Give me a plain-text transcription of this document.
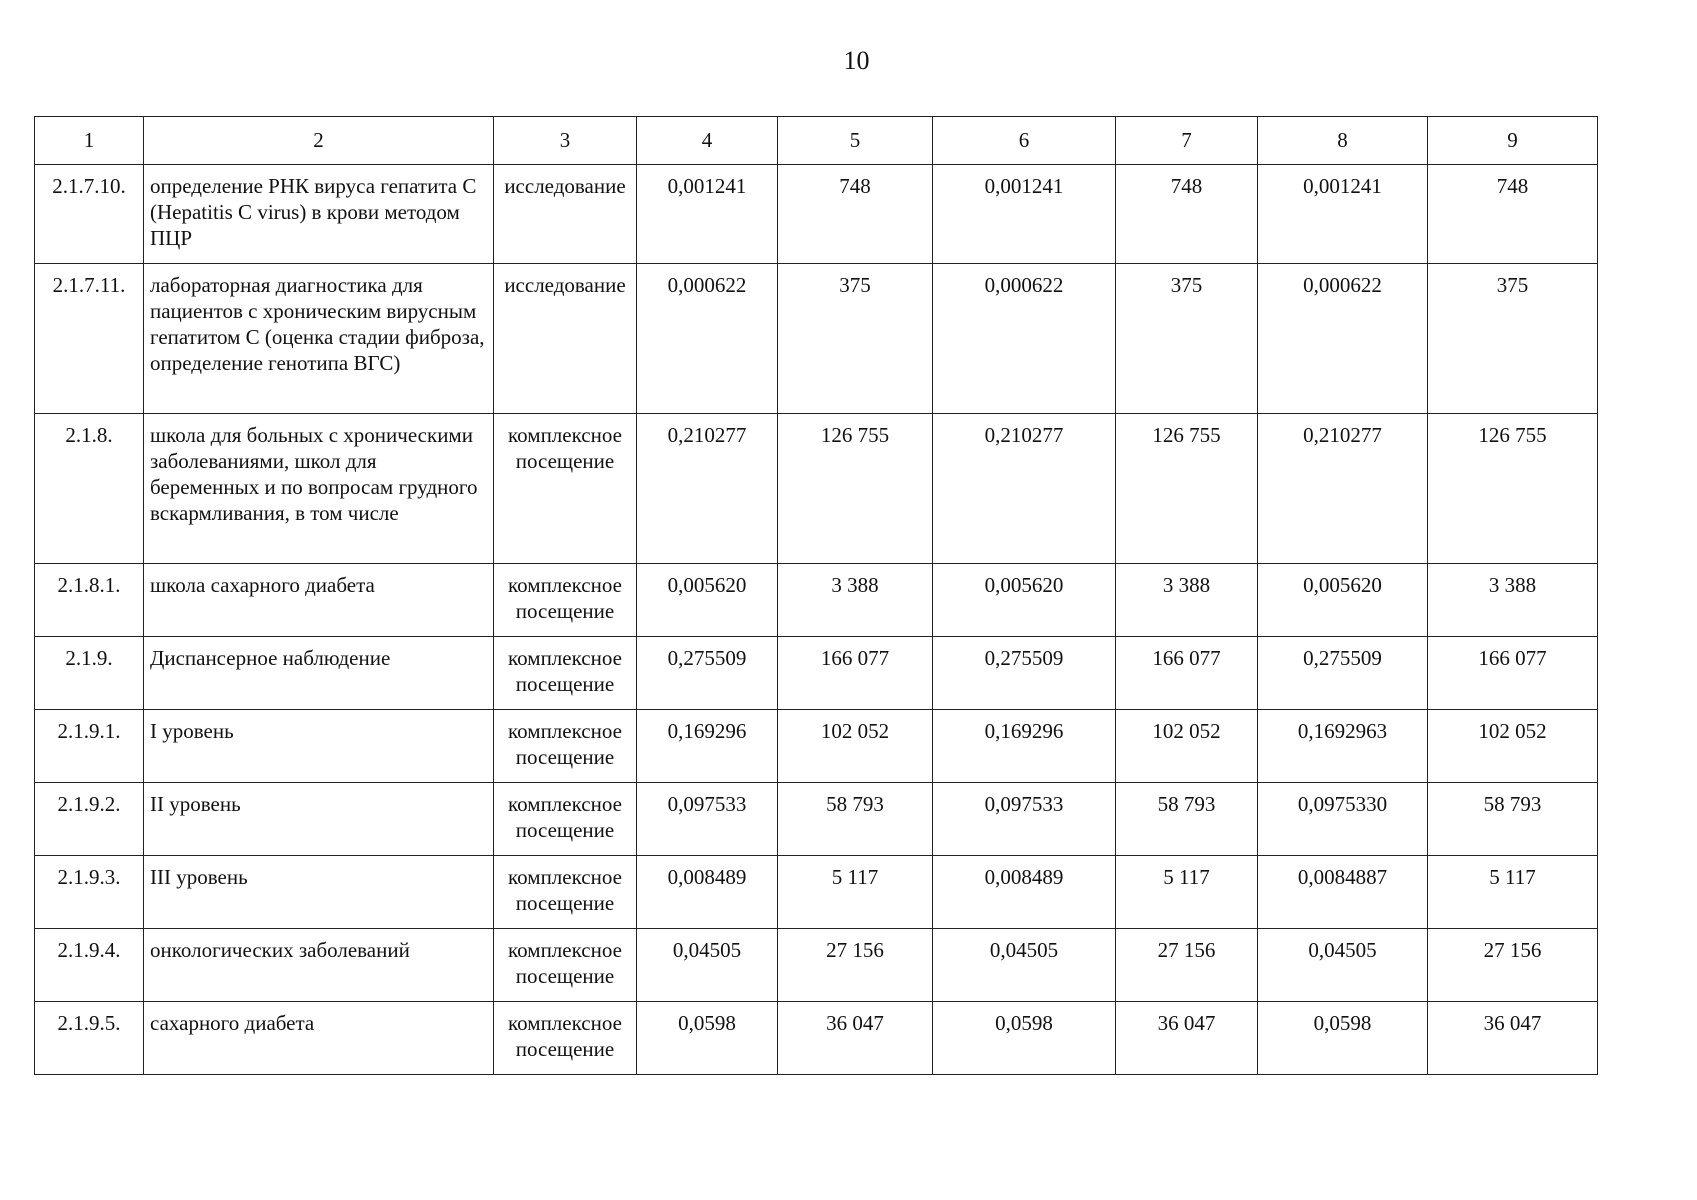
10
1	2	3	4	5	6	7	8	9
2.1.7.10.	определение РНК вируса гепатита C (Hepatitis C virus) в крови методом ПЦР	исследование	0,001241	748	0,001241	748	0,001241	748
2.1.7.11.	лабораторная диагностика для пациентов с хроническим вирусным гепатитом С (оценка стадии фиброза, определение генотипа ВГС)	исследование	0,000622	375	0,000622	375	0,000622	375
2.1.8.	школа для больных с хроническими заболеваниями, школ для беременных и по вопросам грудного вскармливания, в том числе	комплексное посещение	0,210277	126 755	0,210277	126 755	0,210277	126 755
2.1.8.1.	школа сахарного диабета	комплексное посещение	0,005620	3 388	0,005620	3 388	0,005620	3 388
2.1.9.	Диспансерное наблюдение	комплексное посещение	0,275509	166 077	0,275509	166 077	0,275509	166 077
2.1.9.1.	I уровень	комплексное посещение	0,169296	102 052	0,169296	102 052	0,1692963	102 052
2.1.9.2.	II уровень	комплексное посещение	0,097533	58 793	0,097533	58 793	0,0975330	58 793
2.1.9.3.	III уровень	комплексное посещение	0,008489	5 117	0,008489	5 117	0,0084887	5 117
2.1.9.4.	онкологических заболеваний	комплексное посещение	0,04505	27 156	0,04505	27 156	0,04505	27 156
2.1.9.5.	сахарного диабета	комплексное посещение	0,0598	36 047	0,0598	36 047	0,0598	36 047
